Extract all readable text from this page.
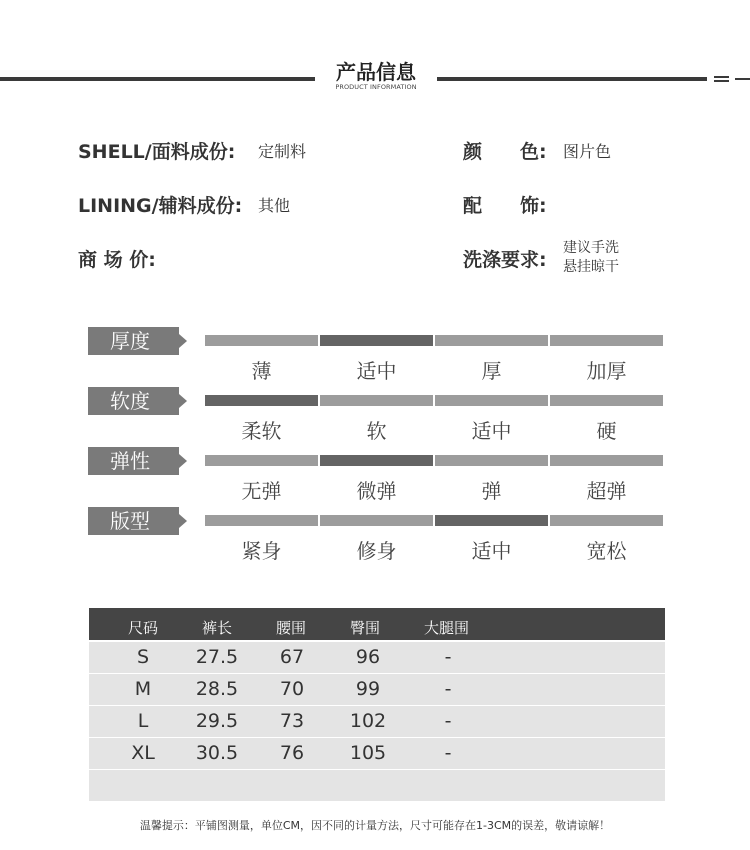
产品信息
PRODUCT INFORMATION
SHELL/面料成份: 定制料	颜　　色: 图片色
LINING/辅料成份: 其他	配　　饰:
商 场 价:	洗涤要求:
建议手洗
悬挂晾干
厚度
薄	适中	厚	加厚
软度
柔软	软	适中	硬
弹性
无弹	微弹	弹	超弹
版型
紧身	修身	适中	宽松
尺码	裤长	腰围	臀围	大腿围
S	27.5	67	96	-
M	28.5	70	99	-
L	29.5	73	102	-
XL	30.5	76	105	-
温馨提示：平铺图测量，单位CM，因不同的计量方法，尺寸可能存在1-3CM的误差，敬请谅解！
